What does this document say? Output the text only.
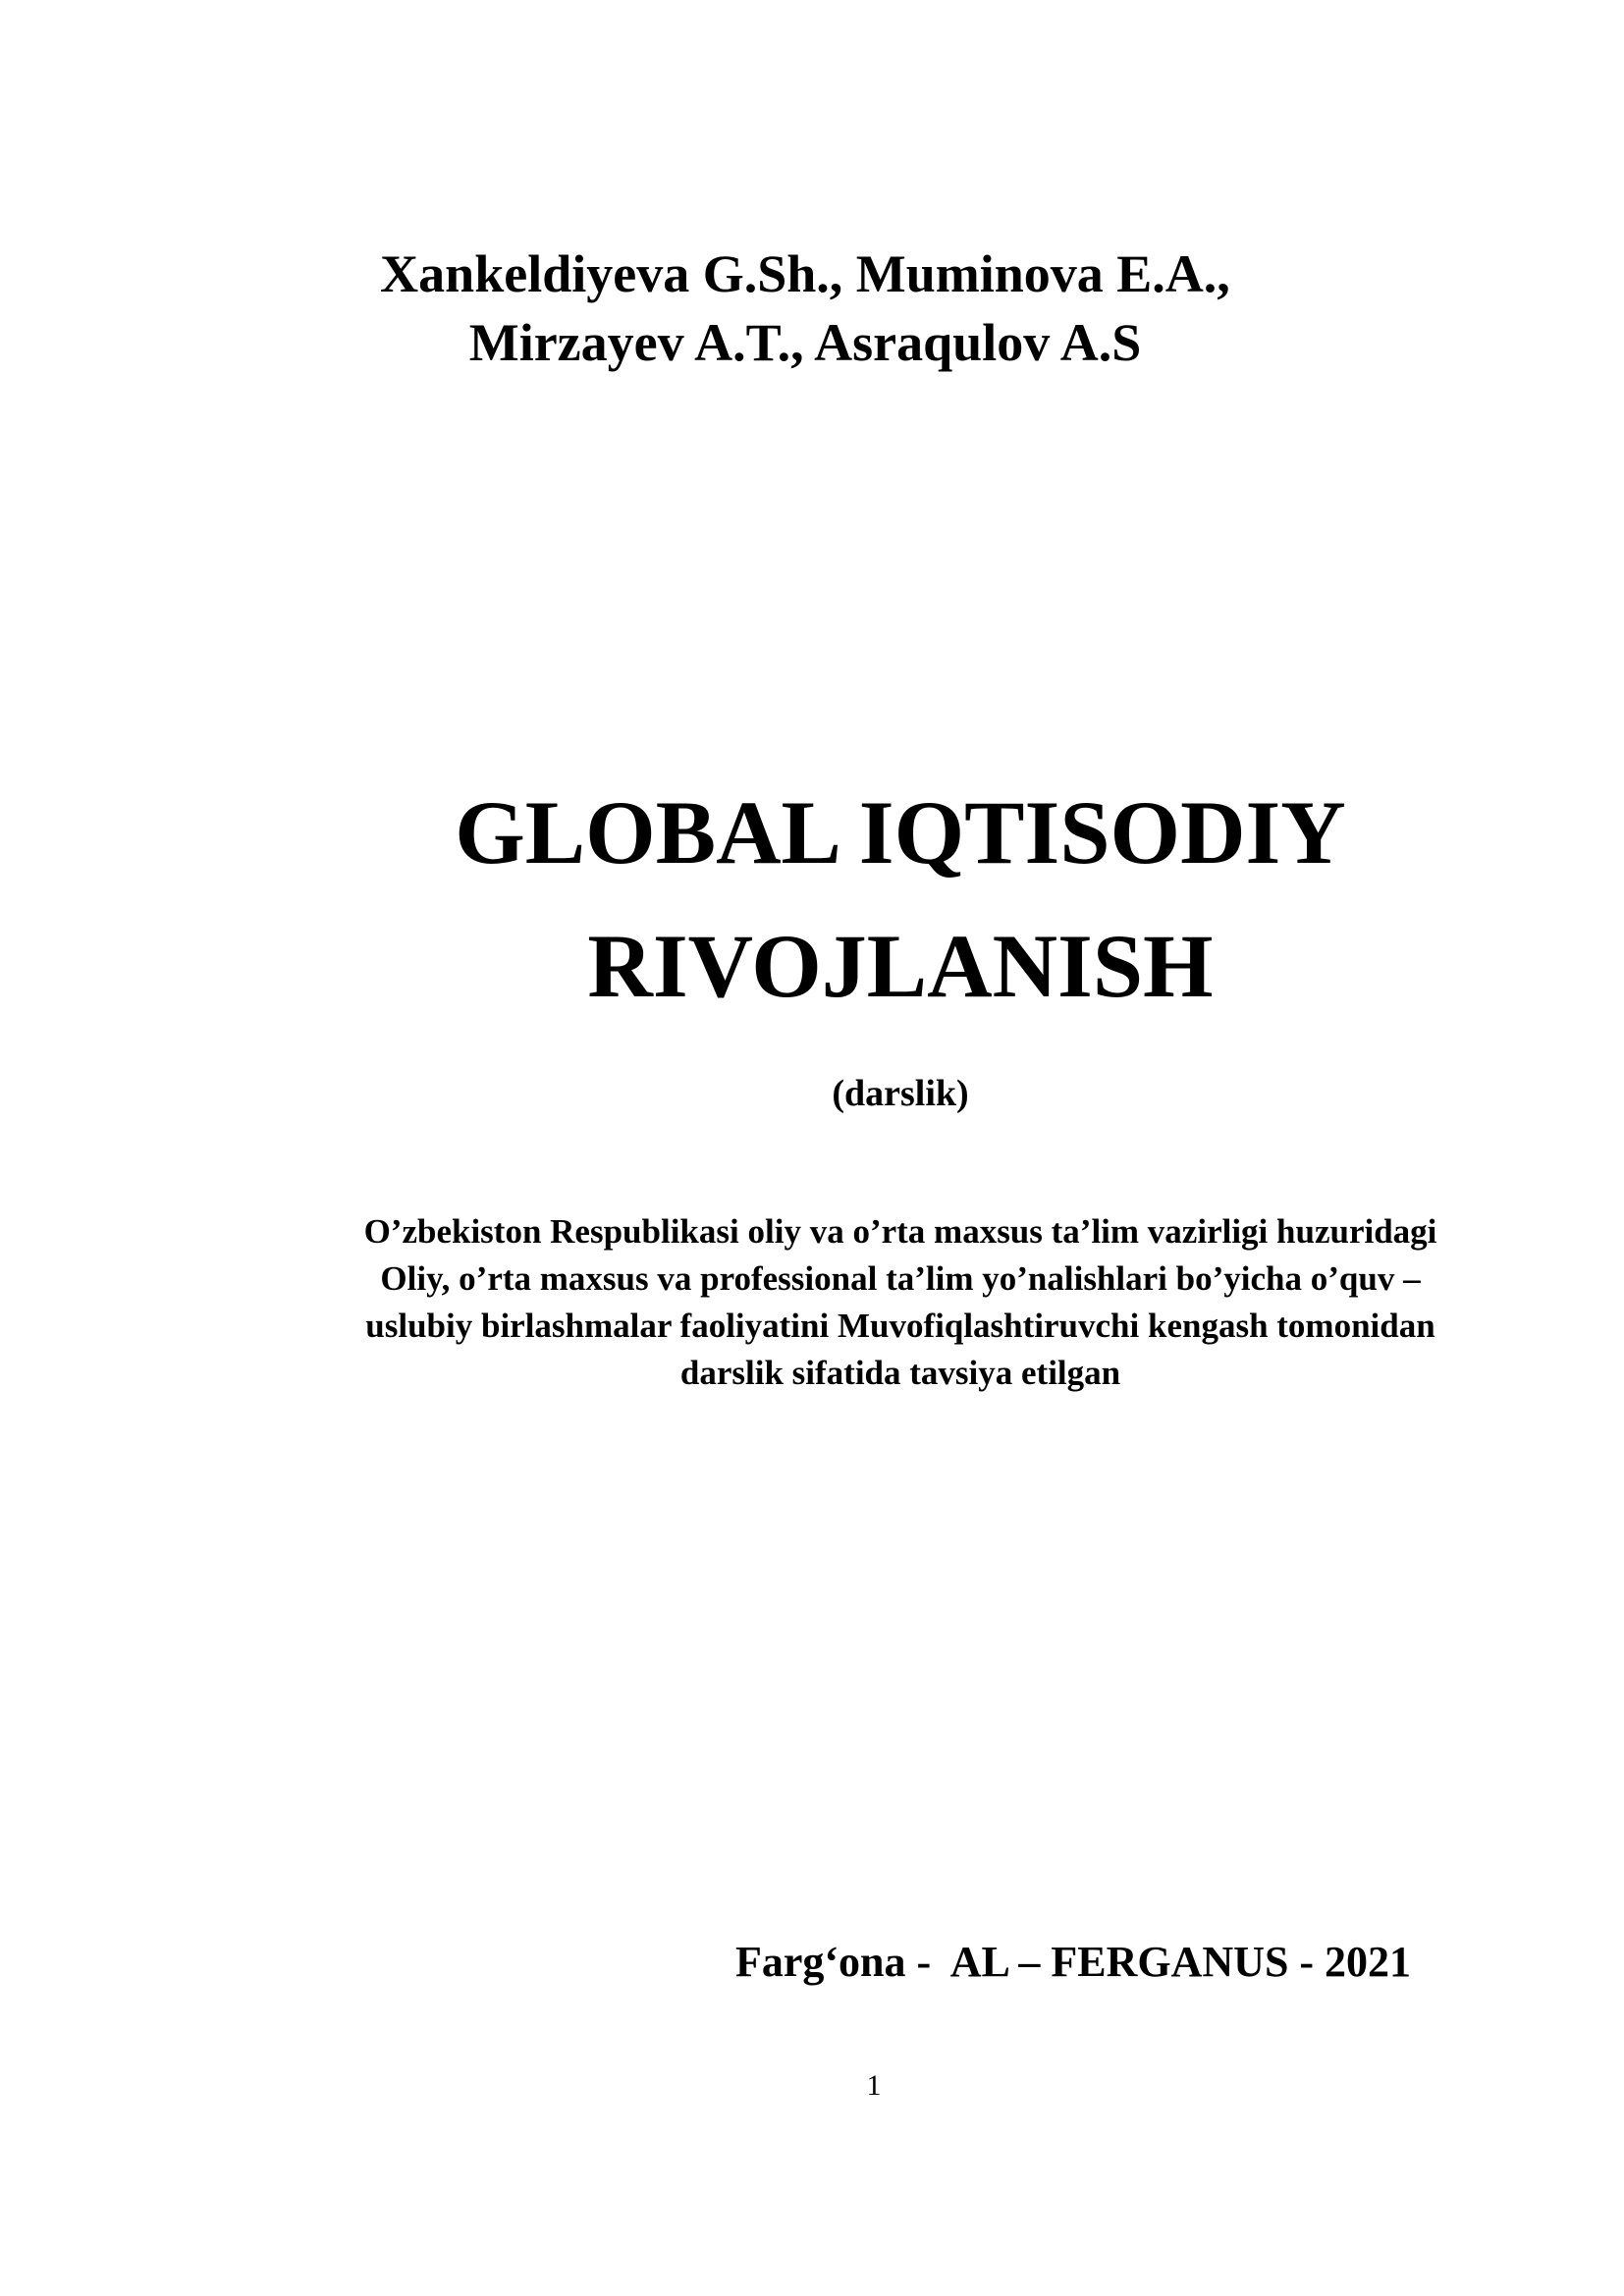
Xankeldiyeva G.Sh., Muminova E.A.,

Mirzayev A.T., Asraqulov A.S

GLOBAL IQTISODIY
RIVOJLANISH

(darslik)

O’zbekiston Respublikasi oliy va o’rta maxsus ta’lim vazirligi huzuridagi

Oliy, o’rta maxsus va professional ta’lim yo’nalishlari bo’yicha o’quv –

uslubiy birlashmalar faoliyatini Muvofiqlashtiruvchi kengash tomonidan

darslik sifatida tavsiya etilgan

Farg‘ona -  AL – FERGANUS - 2021

1
